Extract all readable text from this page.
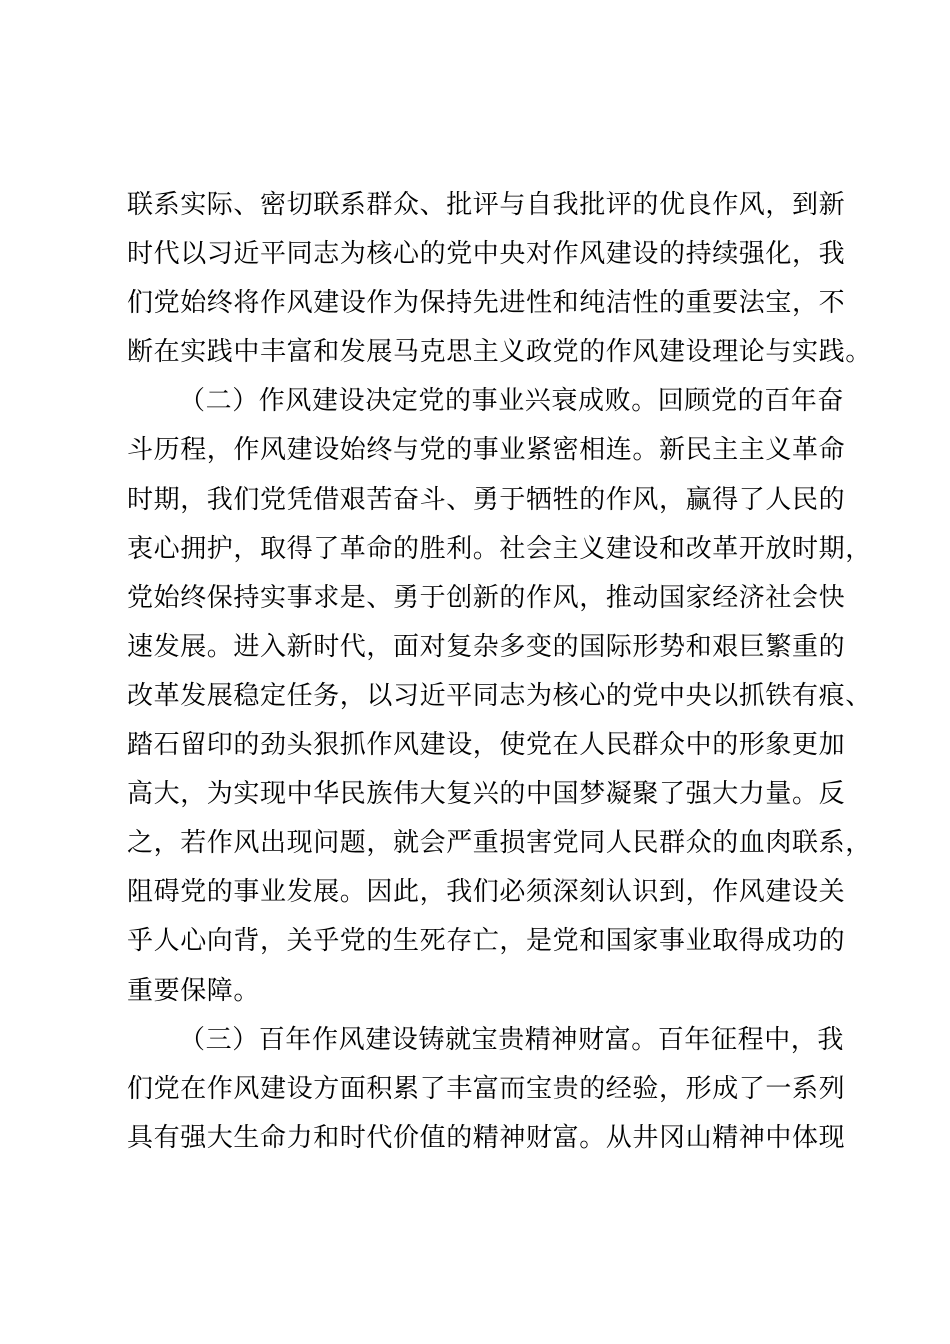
联系实际、密切联系群众、批评与自我批评的优良作风，到新
时代以习近平同志为核心的党中央对作风建设的持续强化，我
们党始终将作风建设作为保持先进性和纯洁性的重要法宝，不
断在实践中丰富和发展马克思主义政党的作风建设理论与实践。
（二）作风建设决定党的事业兴衰成败。回顾党的百年奋
斗历程，作风建设始终与党的事业紧密相连。新民主主义革命
时期，我们党凭借艰苦奋斗、勇于牺牲的作风，赢得了人民的
衷心拥护，取得了革命的胜利。社会主义建设和改革开放时期，
党始终保持实事求是、勇于创新的作风，推动国家经济社会快
速发展。进入新时代，面对复杂多变的国际形势和艰巨繁重的
改革发展稳定任务，以习近平同志为核心的党中央以抓铁有痕、
踏石留印的劲头狠抓作风建设，使党在人民群众中的形象更加
高大，为实现中华民族伟大复兴的中国梦凝聚了强大力量。反
之，若作风出现问题，就会严重损害党同人民群众的血肉联系，
阻碍党的事业发展。因此，我们必须深刻认识到，作风建设关
乎人心向背，关乎党的生死存亡，是党和国家事业取得成功的
重要保障。
（三）百年作风建设铸就宝贵精神财富。百年征程中，我
们党在作风建设方面积累了丰富而宝贵的经验，形成了一系列
具有强大生命力和时代价值的精神财富。从井冈山精神中体现
